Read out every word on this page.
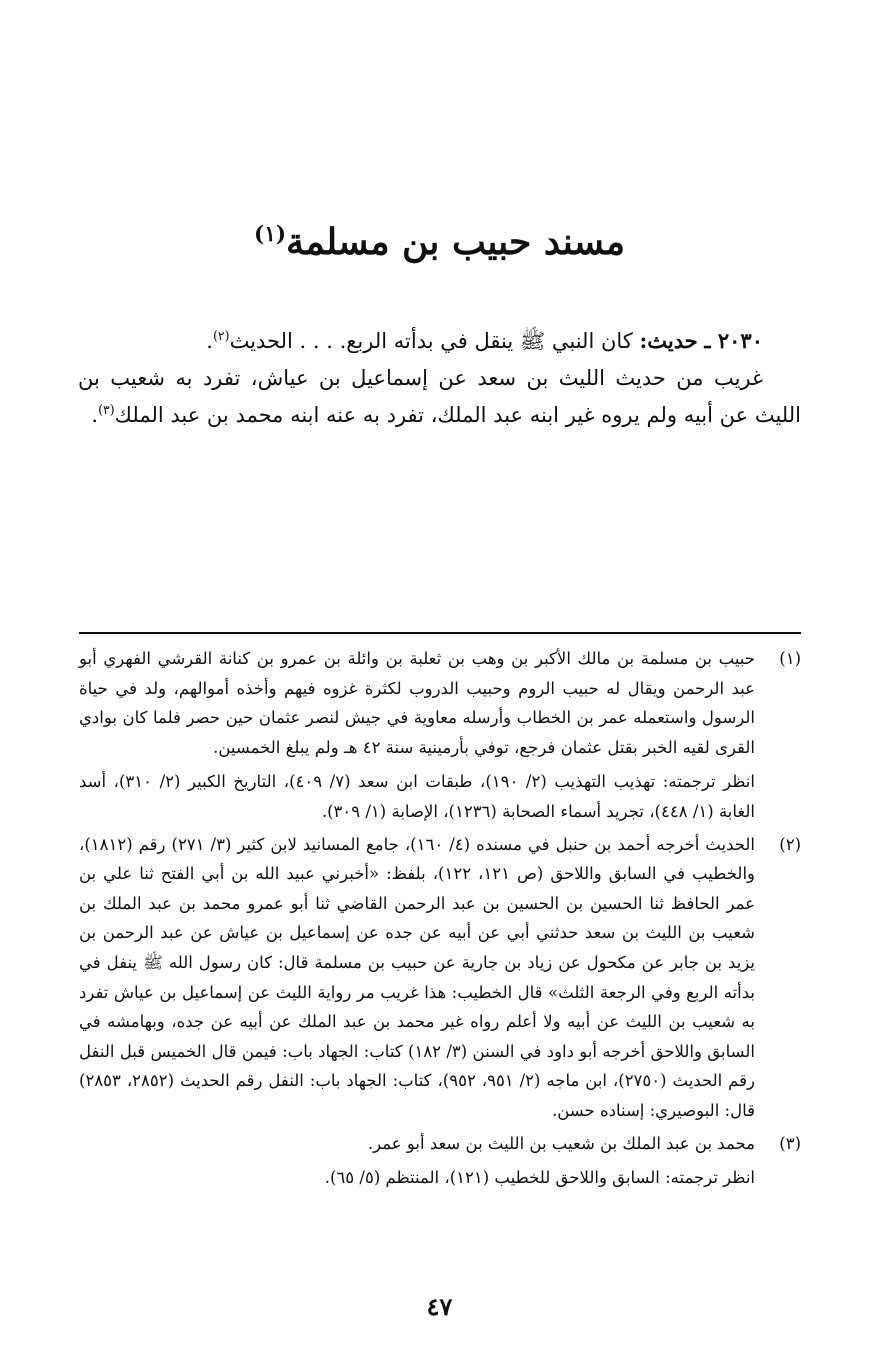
مسند حبيب بن مسلمة$^{(١)}$

٢٠٣٠ ـ حديث: كان النبي ﷺ ينقل في بدأته الربع. . . . الحديث$^{(٢)}$.

غريب من حديث الليث بن سعد عن إسماعيل بن عياش، تفرد به شعيب بن الليث عن أبيه ولم يروه غير ابنه عبد الملك، تفرد به عنه ابنه محمد بن عبد الملك$^{(٣)}$.

(١)

حبيب بن مسلمة بن مالك الأكبر بن وهب بن ثعلبة بن وائلة بن عمرو بن كنانة القرشي الفهري أبو عبد الرحمن ويقال له حبيب الروم وحبيب الدروب لكثرة غزوه فيهم وأخذه أموالهم، ولد في حياة الرسول واستعمله عمر بن الخطاب وأرسله معاوية في جيش لنصر عثمان حين حصر فلما كان بوادي القرى لقيه الخبر بقتل عثمان فرجع، توفي بأرمينية سنة ٤٢ هـ ولم يبلغ الخمسين.

انظر ترجمته: تهذيب التهذيب (٢/ ١٩٠)، طبقات ابن سعد (٧/ ٤٠٩)، التاريخ الكبير (٢/ ٣١٠)، أسد الغابة (١/ ٤٤٨)، تجريد أسماء الصحابة (١٢٣٦)، الإصابة (١/ ٣٠٩).

(٢)

الحديث أخرجه أحمد بن حنبل في مسنده (٤/ ١٦٠)، جامع المسانيد لابن كثير (٣/ ٢٧١) رقم (١٨١٢)، والخطيب في السابق واللاحق (ص ١٢١، ١٢٢)، بلفظ: «أخبرني عبيد الله بن أبي الفتح ثنا علي بن عمر الحافظ ثنا الحسين بن الحسين بن عبد الرحمن القاضي ثنا أبو عمرو محمد بن عبد الملك بن شعيب بن الليث بن سعد حدثني أبي عن أبيه عن جده عن إسماعيل بن عياش عن عبد الرحمن بن يزيد بن جابر عن مكحول عن زياد بن جارية عن حبيب بن مسلمة قال: كان رسول الله ﷺ ينفل في بدأته الربع وفي الرجعة الثلث» قال الخطيب: هذا غريب مر رواية الليث عن إسماعيل بن عياش تفرد به شعيب بن الليث عن أبيه ولا أعلم رواه غير محمد بن عبد الملك عن أبيه عن جده، وبهامشه في السابق واللاحق أخرجه أبو داود في السنن (٣/ ١٨٢) كتاب: الجهاد باب: فيمن قال الخميس قبل النفل رقم الحديث (٢٧٥٠)، ابن ماجه (٢/ ٩٥١، ٩٥٢)، كتاب: الجهاد باب: النفل رقم الحديث (٢٨٥٢، ٢٨٥٣) قال: البوصيري: إسناده حسن.

(٣)

محمد بن عبد الملك بن شعيب بن الليث بن سعد أبو عمر.

انظر ترجمته: السابق واللاحق للخطيب (١٢١)، المنتظم (٥/ ٦٥).

٤٧
